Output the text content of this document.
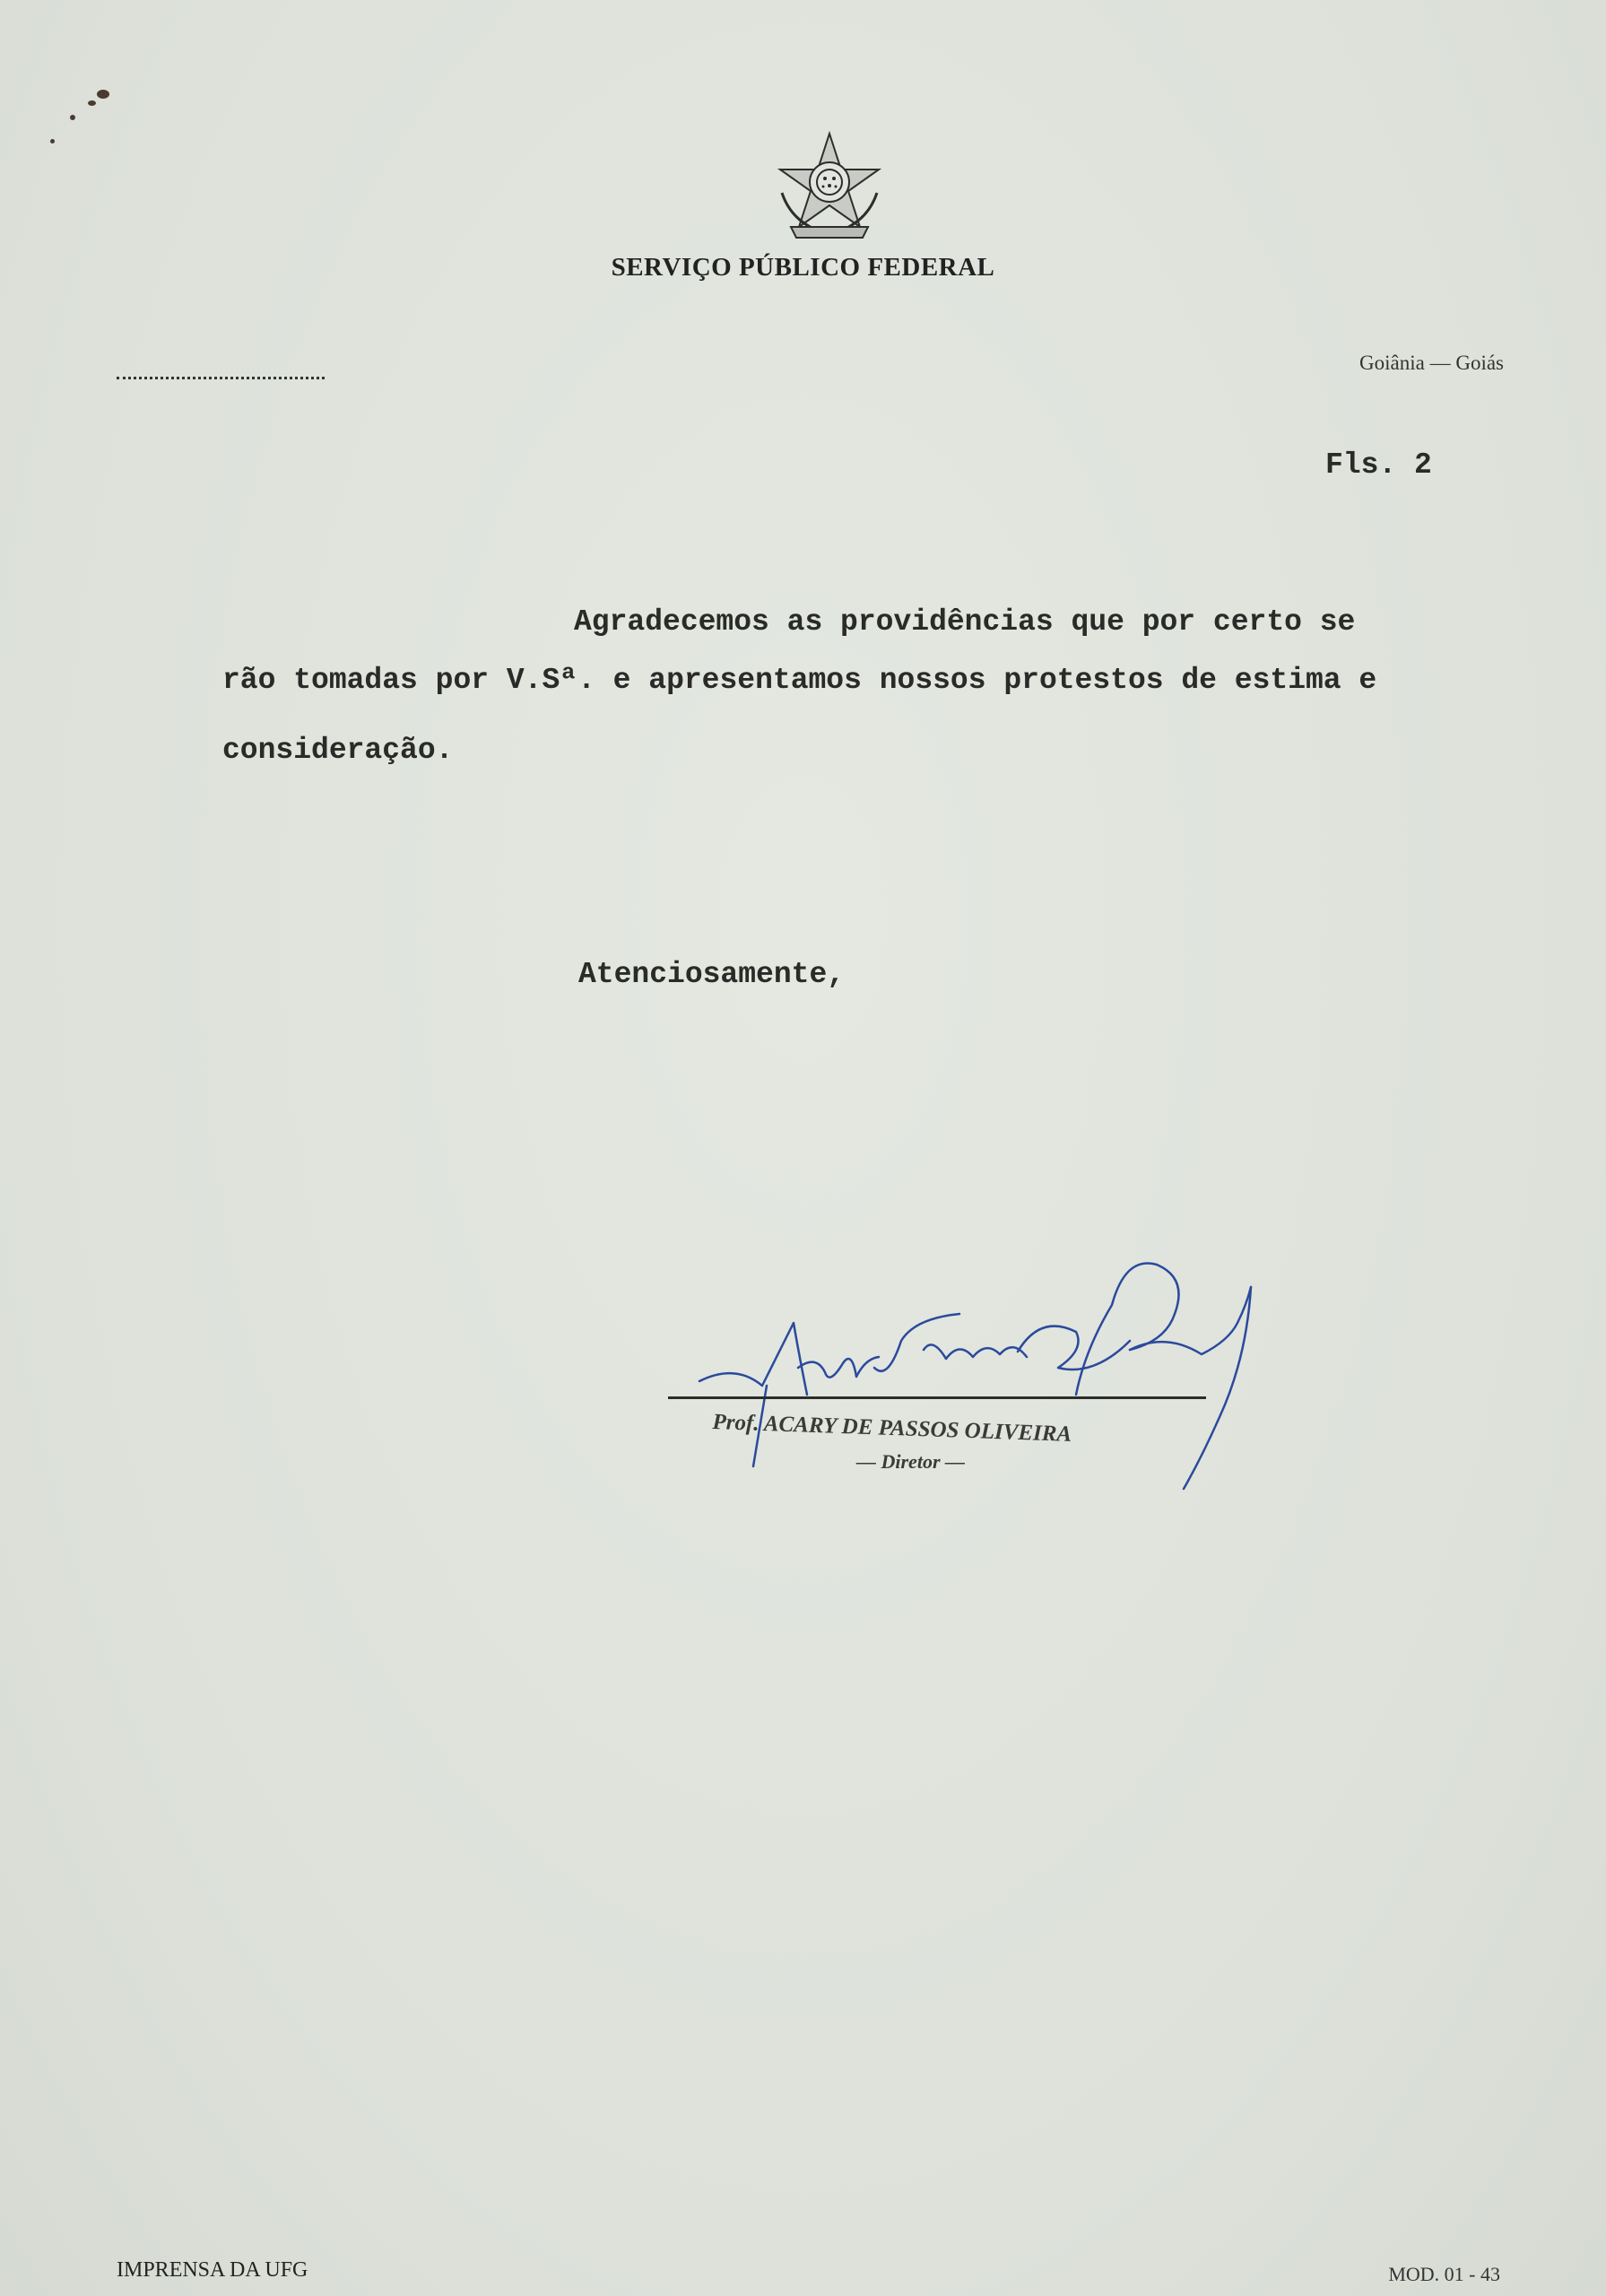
SERVIÇO PÚBLICO FEDERAL
Goiânia — Goiás
Fls. 2
Agradecemos as providências que por certo se
rão tomadas por V.Sª. e apresentamos nossos protestos de estima e
consideração.
Atenciosamente,
Prof. ACARY DE PASSOS OLIVEIRA
— Diretor —
IMPRENSA DA UFG	MOD. 01 - 43
